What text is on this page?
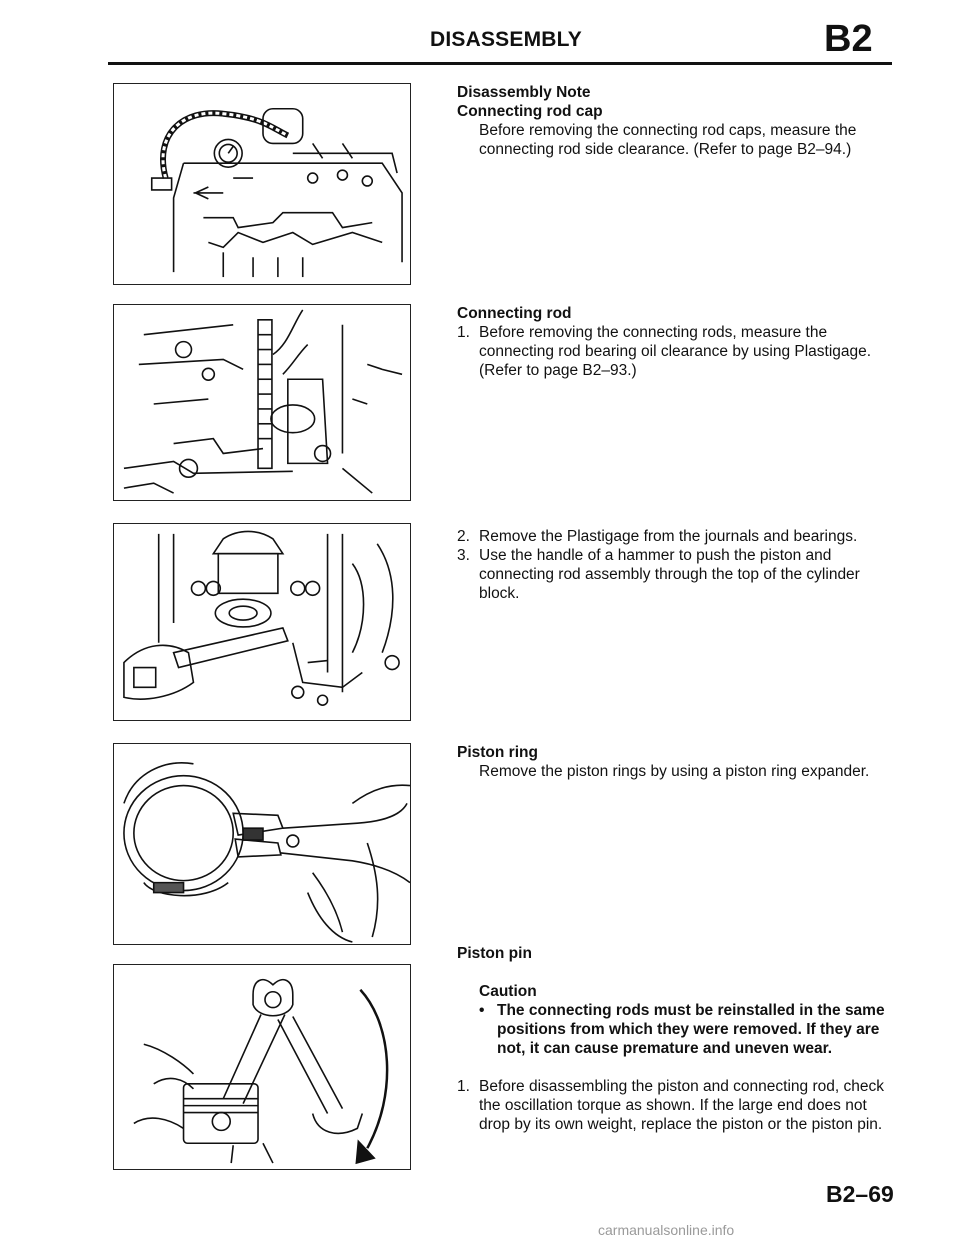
DISASSEMBLY	B2
Disassembly Note
Connecting rod cap
Before removing the connecting rod caps, measure the connecting rod side clearance. (Refer to page B2–94.)
Connecting rod
1. Before removing the connecting rods, measure the connecting rod bearing oil clearance by using Plastigage. (Refer to page B2–93.)
2. Remove the Plastigage from the journals and bearings.
3. Use the handle of a hammer to push the piston and connecting rod assembly through the top of the cylinder block.
Piston ring
Remove the piston rings by using a piston ring expander.
Piston pin
Caution
• The connecting rods must be reinstalled in the same positions from which they were removed. If they are not, it can cause premature and uneven wear.
1. Before disassembling the piston and connecting rod, check the oscillation torque as shown. If the large end does not drop by its own weight, replace the piston or the piston pin.
B2–69
carmanualsonline.info
